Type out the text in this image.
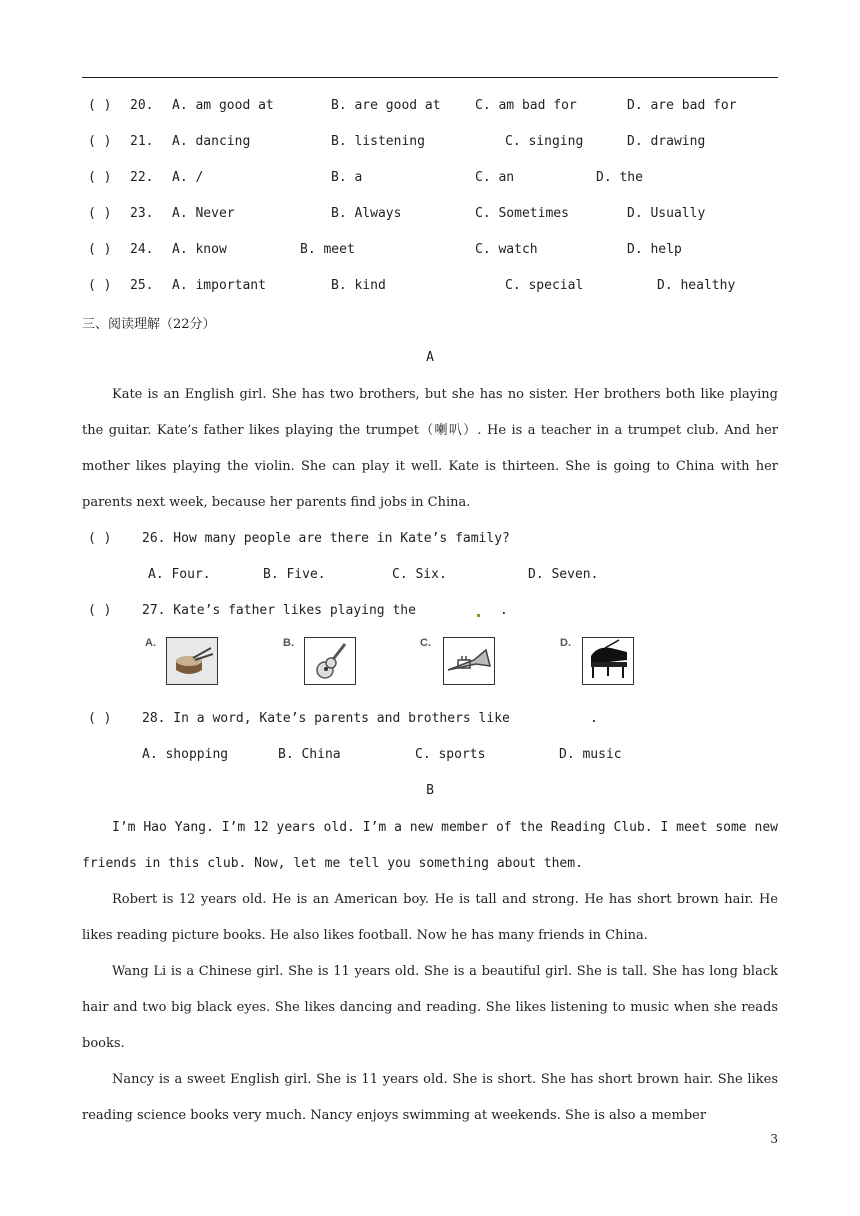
( ) 20. A. am good at	B. are good at	C. am bad for	D. are bad for
( ) 21. A. dancing	B. listening	C. singing	D. drawing
( ) 22. A. /	B. a	C. an	D. the
( ) 23. A. Never	B. Always	C. Sometimes	D. Usually
( ) 24. A. know	B. meet	C. watch	D. help
( ) 25. A. important	B. kind	C. special	D. healthy
三、阅读理解（22分）
A

Kate is an English girl. She has two brothers, but she has no sister. Her brothers both like playing the guitar. Kate’s father likes playing the trumpet（喇叭）. He is a teacher in a trumpet club. And her mother likes playing the violin. She can play it well. Kate is thirteen. She is going to China with her parents next week, because her parents find jobs in China.

( ) 26. How many people are there in Kate’s family?
A. Four.	B. Five.	C. Six.	D. Seven.
( ) 27. Kate’s father likes playing the	.
A.	B.	C.	D.
( ) 28. In a word, Kate’s parents and brothers like	.
A. shopping	B. China	C. sports	D. music
B

I’m Hao Yang. I’m 12 years old. I’m a new member of the Reading Club. I meet some new friends in this club. Now, let me tell you something about them.

Robert is 12 years old. He is an American boy. He is tall and strong. He has short brown hair. He likes reading picture books. He also likes football. Now he has many friends in China.

Wang Li is a Chinese girl. She is 11 years old. She is a beautiful girl. She is tall. She has long black hair and two big black eyes. She likes dancing and reading. She likes listening to music when she reads books.

Nancy is a sweet English girl. She is 11 years old. She is short. She has short brown hair. She likes reading science books very much. Nancy enjoys swimming at weekends. She is also a member

3
